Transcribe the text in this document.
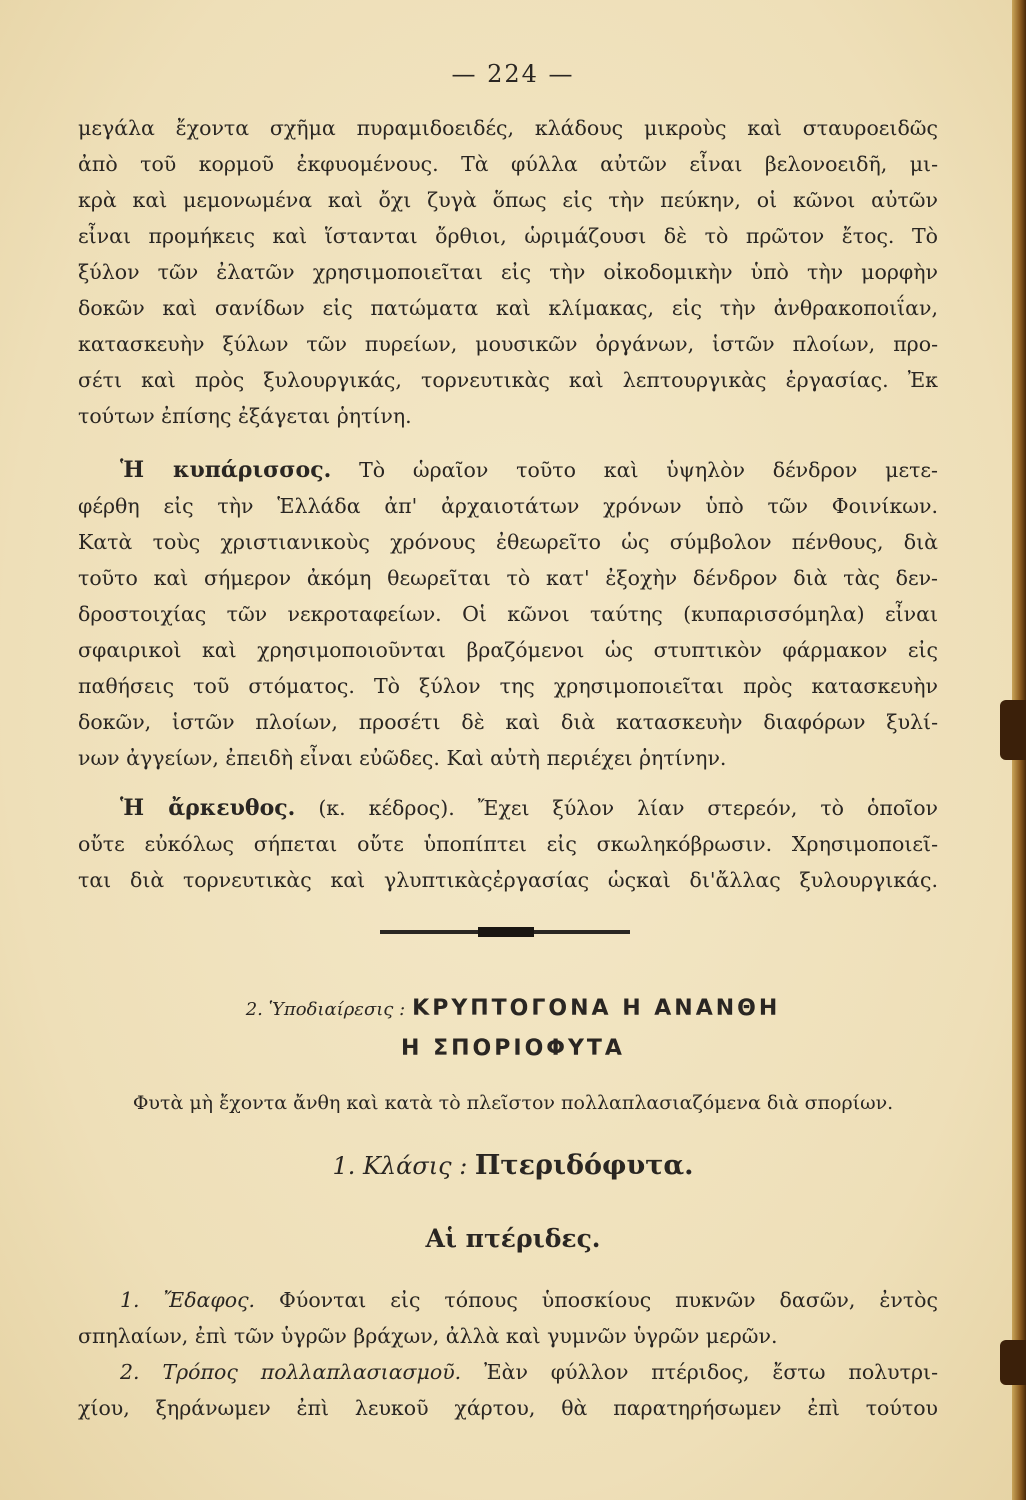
— 224 —
μεγάλα ἔχοντα σχῆμα πυραμιδοειδές, κλάδους μικροὺς καὶ σταυροειδῶς
ἀπὸ τοῦ κορμοῦ ἐκφυομένους. Τὰ φύλλα αὐτῶν εἶναι βελονοειδῆ, μι-
κρὰ καὶ μεμονωμένα καὶ ὄχι ζυγὰ ὅπως εἰς τὴν πεύκην, οἱ κῶνοι αὐτῶν
εἶναι προμήκεις καὶ ἵστανται ὄρθιοι, ὡριμάζουσι δὲ τὸ πρῶτον ἔτος. Τὸ
ξύλον τῶν ἐλατῶν χρησιμοποιεῖται εἰς τὴν οἰκοδομικὴν ὑπὸ τὴν μορφὴν
δοκῶν καὶ σανίδων εἰς πατώματα καὶ κλίμακας, εἰς τὴν ἀνθρακοποιΐαν,
κατασκευὴν ξύλων τῶν πυρείων, μουσικῶν ὀργάνων, ἱστῶν πλοίων, προ-
σέτι καὶ πρὸς ξυλουργικάς, τορνευτικὰς καὶ λεπτουργικὰς ἐργασίας. Ἐκ
τούτων ἐπίσης ἐξάγεται ῥητίνη.
Ἡ κυπάρισσος. Τὸ ὡραῖον τοῦτο καὶ ὑψηλὸν δένδρον μετε-
φέρθη εἰς τὴν Ἑλλάδα ἀπ' ἀρχαιοτάτων χρόνων ὑπὸ τῶν Φοινίκων.
Κατὰ τοὺς χριστιανικοὺς χρόνους ἐθεωρεῖτο ὡς σύμβολον πένθους, διὰ
τοῦτο καὶ σήμερον ἀκόμη θεωρεῖται τὸ κατ' ἐξοχὴν δένδρον διὰ τὰς δεν-
δροστοιχίας τῶν νεκροταφείων. Οἱ κῶνοι ταύτης (κυπαρισσόμηλα) εἶναι
σφαιρικοὶ καὶ χρησιμοποιοῦνται βραζόμενοι ὡς στυπτικὸν φάρμακον εἰς
παθήσεις τοῦ στόματος. Τὸ ξύλον της χρησιμοποιεῖται πρὸς κατασκευὴν
δοκῶν, ἱστῶν πλοίων, προσέτι δὲ καὶ διὰ κατασκευὴν διαφόρων ξυλί-
νων ἀγγείων, ἐπειδὴ εἶναι εὐῶδες. Καὶ αὐτὴ περιέχει ῥητίνην.
Ἡ ἄρκευθος. (κ. κέδρος). Ἔχει ξύλον λίαν στερεόν, τὸ ὁποῖον
οὔτε εὐκόλως σήπεται οὔτε ὑποπίπτει εἰς σκωληκόβρωσιν. Χρησιμοποιεῖ-
ται διὰ τορνευτικὰς καὶ γλυπτικὰςἐργασίας ὡςκαὶ δι'ἄλλας ξυλουργικάς.
2. Ὑποδιαίρεσις : ΚΡΥΠΤΟΓΟΝΑ Η ΑΝΑΝΘΗ
Η ΣΠΟΡΙΟΦΥΤΑ
Φυτὰ μὴ ἔχοντα ἄνθη καὶ κατὰ τὸ πλεῖστον πολλαπλασιαζόμενα διὰ σπορίων.
1. Κλάσις : Πτεριδόφυτα.
Αἱ πτέριδες.
1. Ἔδαφος. Φύονται εἰς τόπους ὑποσκίους πυκνῶν δασῶν, ἐντὸς
σπηλαίων, ἐπὶ τῶν ὑγρῶν βράχων, ἀλλὰ καὶ γυμνῶν ὑγρῶν μερῶν.
2. Τρόπος πολλαπλασιασμοῦ. Ἐὰν φύλλον πτέριδος, ἔστω πολυτρι-
χίου, ξηράνωμεν ἐπὶ λευκοῦ χάρτου, θὰ παρατηρήσωμεν ἐπὶ τούτου
